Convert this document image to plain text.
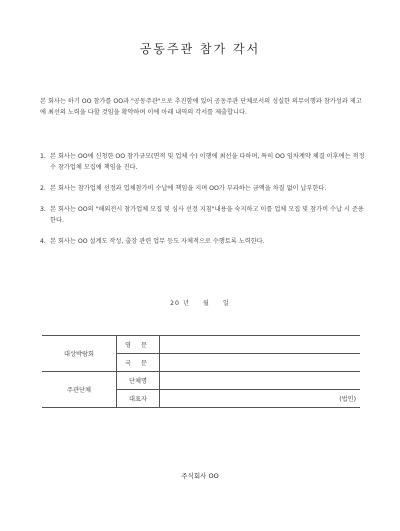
공동주관 참가 각서

본 회사는 하기 OO 참가를 OO과 "공동주관"으로 추진함에 있어 공동주관 단체로서의 성실한 의무이행과 참가성과 제고에 최선의 노력을 다할 것임을 확약하며 이에 아래 내역의 각서를 제출합니다.

1. 본 회사는 OO에 신청한 OO 참가규모(면적 및 업체 수) 이행에 최선을 다하며, 특히 OO 임차계약 체결 이후에는 적정 수 참가업체 모집에 책임을 진다.
2. 본 회사는 참가업체 선정과 업체참가비 수납에 책임을 지며 OO가 부과하는 금액을 차질 없이 납부한다.
3. 본 회사는 OO의 "해외전시 참가업체 모집 및 심사 선정 지침"내용을 숙지하고 이를 업체 모집 및 참가비 수납 시 준용한다.
4. 본 회사는 OO 설계도 작성, 출장 관련 업무 등도 자체적으로 수행토록 노력한다.
20 년 월 일
대상박람회	영 문	
	국 문	
주관단체	단체명	
	대표자	(법인)
주식회사 OO
